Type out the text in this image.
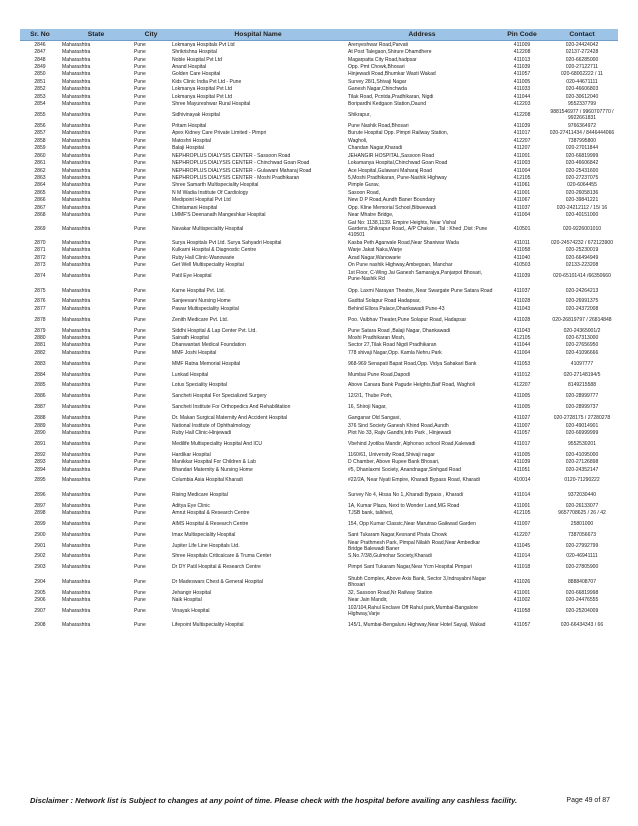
Sr. No	State	City	Hospital Name	Address	Pin Code	Contact
2846	Maharashtra	Pune	Lokmanya Hospitals Pvt Ltd	Arenyeshwar Road,Parvati	411009	020-24424042
2847	Maharashtra	Pune	Shrikrishna Hospital	At Post Talegaon,Shirure Dhamdhere	412208	02137-272428
2848	Maharashtra	Pune	Noble Hospital Pvt Ltd	Magarpatta City Road,hadpsar	411013	020-66285000
2849	Maharashtra	Pune	Anand Hospital	Opp. Pmt Chowk,Bhosari	411039	020-27122711
2850	Maharashtra	Pune	Golden Care Hospital	Hinjewadi Road,Bhumkar Wasti Wakad	411057	020-68002222 / 11
2851	Maharashtra	Pune	Kids Clinic India Pvt Ltd - Pune	Survey 28/1,Shivaji Nagar	411005	020-44671111
2852	Maharashtra	Pune	Lokmanya Hospital Pvt Ltd	Ganesh Nagar,Chinchwda	411033	020-46606803
2853	Maharashtra	Pune	Lokmanya Hospital Pvt Ltd	Tilak Road, Pcntda,Pradhikaran, Nigdi	411044	020-30612040
2854	Maharashtra	Pune	Shree Mayureshwar Rural Hospital	Boripardhi Kedgaon Station,Daund	412203	9552337799
2855	Maharashtra	Pune	Sidhivinayak Hospital	Shikrapur,	412208	9881546977 / 9960707770 / 9922661831
2856	Maharashtra	Pune	Pritam Hospital	Pune Nashik Road,Bhosari	411039	9766364972
2857	Maharashtra	Pune	Apex Kidney Care Private Limited - Pimpri	Burute Hospital Opp. Pimpri Railway Station,	411017	020-27411434 / 8446444066
2858	Maharashtra	Pune	Matoshri Hospital	Wagholi,	412207	7387995800
2859	Maharashtra	Pune	Balaji Hospital	Chandan Nagar,Kharadi	411207	020-27011844
2860	Maharashtra	Pune	NEPHROPLUS DIALYSIS CENTER - Sassoon Road	JEHANGIR HOSPITAL,Sassoon Road	411001	020-66819999
2861	Maharashtra	Pune	NEPHROPLUS DIALYSIS CENTER - Chinchwad Goan Road	Lokamanya Hospital,Chinchwad Goan Road	411003	020-46606842
2862	Maharashtra	Pune	NEPHROPLUS DIALYSIS CENTER - Gulawani Maharaj Road	Ace Hospital,Gulawani Maharaj Road	411004	020-25431600
2863	Maharashtra	Pune	NEPHROPLUS DIALYSIS CENTER - Moshi Pradhikaran	5,Moshi Pradhikaran, Pune-Nashik Highway	412105	020-27237075
2864	Maharashtra	Pune	Shree Samarth Multispeciality Hospital	Pimple Gurav,	411061	020-6064455
2865	Maharashtra	Pune	N M Wadia Institute Of Cardiology	Sasoon Road,	411001	020-26058136
2866	Maharashtra	Pune	Medipoint Hospital Pvt Ltd	New D P Road,Aundh Baner Boundary	411067	020-39841221
2867	Maharashtra	Pune	Chintamani Hospital	Opp. Kline Memorial School,Bibwewadi	411037	020-24212112 / 15/ 16
2868	Maharashtra	Pune	LMMF'S Deenanath Mangeshkar Hospital	Near Mhatre Bridge,	411004	020-40151000
2869	Maharashtra	Pune	Navakar Multispeciality Hospital	Gat No: 1138,1139. Empire Heights, Near Vishal Gardens,Shikrapur Road,, A/P Chakan , Tal : Khed ,Dist :Pune 410501	410501	020-9226001010
2870	Maharashtra	Pune	Surya Hospitals Pvt Ltd. Surya Sahyadri Hospital	Kasba Peth Agarwale Road,Near Shaniwar Wada	411011	020-24574232 / 672123900
2871	Maharashtra	Pune	Kulkarni Hospital & Diagnostic Centre	Warje Jakat Naka,Warje	411058	020-25230019
2872	Maharashtra	Pune	Ruby Hall Clinic-Wanowarie	Azad Nagar,Wanowarie	411040	020-66494949
2873	Maharashtra	Pune	Get Well Multispeciality Hospital	On Pune nashik Highway,Ambegoan, Manchar	410503	02133-223208
2874	Maharashtra	Pune	Patil Eye Hospital	1st Floor, C-Wing Jai Ganesh Samarajya,Panjarpol Bhosari, Pune-Nashik Rd	411039	020-65101414 /66350660
2875	Maharashtra	Pune	Karne Hospital Pvt. Ltd.	Opp. Laxmi Narayan Theatre,,Near Swargate Pune Satara Road	411037	020-24264213
2876	Maharashtra	Pune	Sanjeevani Nursing Home	Gadital Solapur Road Hadapsar,	411028	020-26991375
2877	Maharashtra	Pune	Pawar Multispeciality Hospital	Behind Ellora Palace,Dhankawadi Pune-43	411043	020-24372008
2878	Maharashtra	Pune	Zenith Medicare Pvt. Ltd.	Poo. Vaibhav Theater,Pune Solapur Road, Hadapsar	411028	020-26819797 / 26814848
2879	Maharashtra	Pune	Siddhi Hospital & Lap Center Pvt. Ltd.	Pune Satara Road ,Balaji Nagar, Dhankawadi	411043	020-24365001/2
2880	Maharashtra	Pune	Sainath Hospital	Moshi Pradhikaran Mosh,	412105	020-67313000
2881	Maharashtra	Pune	Dhanwantari Medical Foundation	Sector 27,Tilak Road Nigdi Pradhikaran	411044	020-27656950
2882	Maharashtra	Pune	MMF Joshi Hospital	778 shivaji Nagar,Opp. Kamla Nehru Park	411004	020-41096666
2883	Maharashtra	Pune	MMF Ratna Memorial Hospital	968-969 Senapati Bapat Road,Opp. Vidya Sahakari Bank	411053	41097777
2884	Maharashtra	Pune	Lunkad Hospital	Mumbai Pune Road,Dapodi	411012	020-27148194/5
2885	Maharashtra	Pune	Lotus Speciality Hospital	Above Canara Bank Pagude Heights,Baif Road, Wagholi	412207	8149215588
2886	Maharashtra	Pune	Sancheti Hospital For Specialized Surgery	12/2/1, Thube Porh,	411005	020-28999777
2887	Maharashtra	Pune	Sancheti Institute For Orthopedics And Rehabilitation	16, Shiroji Nagar,	411005	020-28999737
2888	Maharashtra	Pune	Dr. Makan Surgical Maternity And Accident Hospital	Ganganar Old Sangavi,	411027	020-2728175 / 27280278
2889	Maharashtra	Pune	National Institute of Ophthalmology	376 Sind Society Ganesh Khind Road,Aundh	411007	020-49014901
2890	Maharashtra	Pune	Ruby Hall Clinic-Hinjewadi	Plot No 33, Rajiv Gandhi,Info Park , Hinjewadi	411057	020-66999999
2891	Maharashtra	Pune	Medilife Multispeciality Hospital And ICU	Vbehind Jyotiba Mandir, Alphonso school Road,Kalewadi	411017	9552530201
2892	Maharashtra	Pune	Hardikar Hospital	1160/61, University Road,Shivaji nagar	411005	020-41095000
2893	Maharashtra	Pune	Manikkar Hospital For Children & Lab	D Chamber, Above Rupee Bank Bhosari,	411039	020-27126898
2894	Maharashtra	Pune	Bhandari Maternity & Nursing Home	#5, Dhanlaxmi Society, Anandnagar,Sinhgad Road	411051	020-24352147
2895	Maharashtra	Pune	Columbia Asia Hospital Kharadi	#22/2A, Near Nyati Empire, Kharadi Bypass Road, Kharadi	410014	0120-71290222
2896	Maharashtra	Pune	Rising Medicare Hospital	Survey No 4, Hissa No 1,,Kharadi Bypass , Kharadi	411014	9372030440
2897	Maharashtra	Pune	Aditya Eye Clinic	1A, Kumar Plaza, Next to Wonder Land,MG Road	411001	020-26133077
2898	Maharashtra	Pune	Amrut Hospital & Research Centre	TJSB bank, talkhed,	412105	9657708625 / 26 / 42
2899	Maharashtra	Pune	AIMS Hospital & Research Centre	154, Opp Kumar Classic,Near Marutrao Gaikwad Garden	411007	25801000
2900	Maharashtra	Pune	Imax Multispeciality Hospital	Sant Tukaram Nagar,Kesnand Phata Chowk	412207	7387056673
2901	Maharashtra	Pune	Jupiter Life Line Hospitals Ltd.	Near Prathmesh Park, Pimpal Nilakh Road,Near Ambedkar Bridge Balewadi Baner	411045	020-27992799
2902	Maharashtra	Pune	Shree Hospitals Criticalcare & Truma Center	S.No.7/3/8,Gulmohar Society,Kharadi	411014	020-46941111
2903	Maharashtra	Pune	Dr DY Patil Hospital & Research Centre	Pimpri Sant Tukaram Nagar,Near Ycm Hospital Pimpari	411018	020-27805900
2904	Maharashtra	Pune	Dr Madeswars Chest & General Hospital	Shubh Complex, Above Axis Bank, Sector 3,Indrayabni Nagar Bhosari	411026	8888408707
2905	Maharashtra	Pune	Jehangir Hospital	32, Sassoon Road,Nr Railway Station	411001	020-66819998
2906	Maharashtra	Pune	Naik Hospital	Near Jain Mandir,	411002	020-24476555
2907	Maharashtra	Pune	Vinayak Hospital	102/104,Rahul Enclave Off Rahul park,Mumbai-Bangalore Highway,Varje	411058	020-25204009
2908	Maharashtra	Pune	Lifepoint Multispeciality Hospital	145/1, Mumbai-Bengaluru Highway,Near Hotel Sayaji, Wakad	411057	020-66434343 / 66
Disclaimer : Network list is Subject to changes at any point of time. Please check with the hospital before availing any cashless facility.	Page 49 of 87
